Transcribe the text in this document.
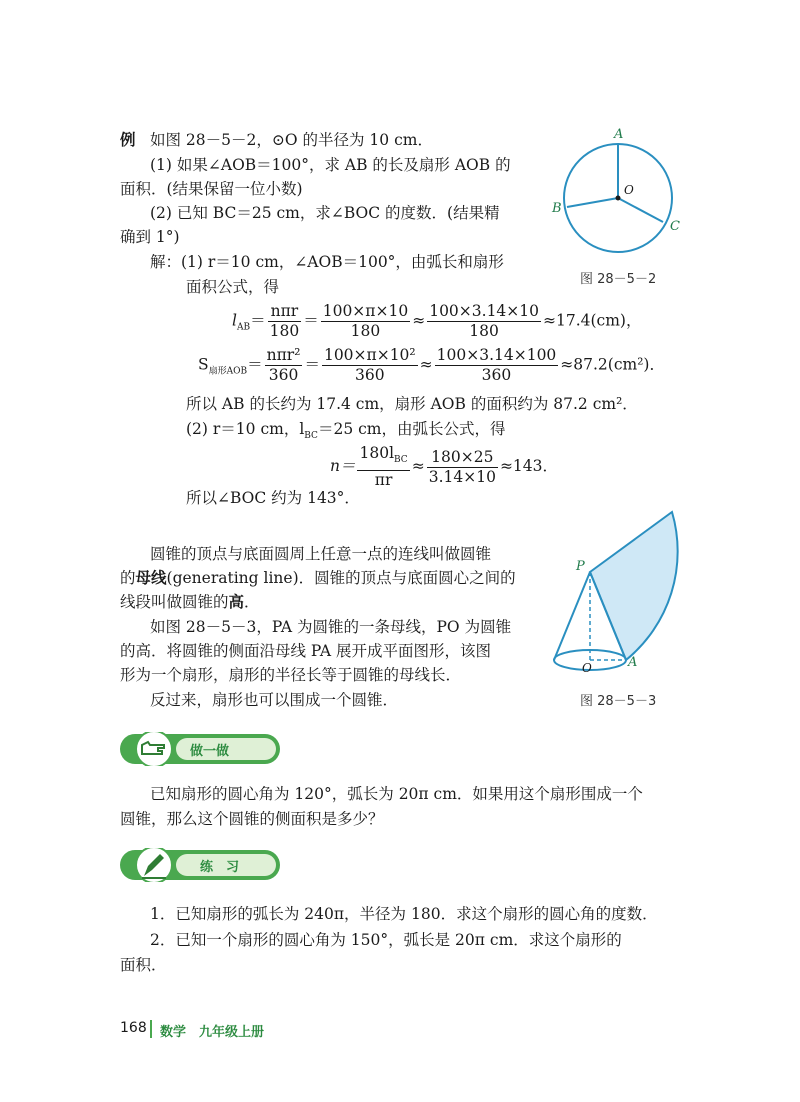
例 如图 28－5－2，⊙O 的半径为 10 cm．
(1) 如果∠AOB＝100°，求 AB 的长及扇形 AOB 的
面积．(结果保留一位小数)
(2) 已知 BC＝25 cm，求∠BOC 的度数．(结果精
确到 1°)
解：(1) r＝10 cm，∠AOB＝100°，由弧长和扇形
面积公式，得
$l_{AB}= \frac{\text{nπr}}{180} = \frac{100\times\pi\times 10}{180} \approx \frac{100\times 3.14\times 10}{180} \approx 17.4(cm)$，
$S_{扇形AOB}= \frac{\text{nπr²}}{360} = \frac{\text{100×π×10²}}{360} \approx \frac{100\times 3.14\times 100}{360} \approx 87.2(cm^2)$．
所以 AB 的长约为 17.4 cm，扇形 AOB 的面积约为 87.2 cm²．
(2) r＝10 cm，$l_{BC}=25$ cm，由弧长公式，得
$n= \frac{180l_{BC}}{\pi r} \approx \frac{180\times 25}{3.14\times 10} \approx 143$．
所以∠BOC 约为 143°．
A
B
C
O
图 28－5－2
圆锥的顶点与底面圆周上任意一点的连线叫做圆锥
的母线(generating line)．圆锥的顶点与底面圆心之间的
线段叫做圆锥的高．
如图 28－5－3，PA 为圆锥的一条母线，PO 为圆锥
的高．将圆锥的侧面沿母线 PA 展开成平面图形，该图
形为一个扇形，扇形的半径长等于圆锥的母线长．
反过来，扇形也可以围成一个圆锥．
P
O	A
图 28－5－3
做一做
已知扇形的圆心角为 120°，弧长为 20π cm．如果用这个扇形围成一个
圆锥，那么这个圆锥的侧面积是多少？
练　习
1．已知扇形的弧长为 240π，半径为 180．求这个扇形的圆心角的度数．
2．已知一个扇形的圆心角为 150°，弧长是 20π cm．求这个扇形的
面积．
168 数学　九年级上册
